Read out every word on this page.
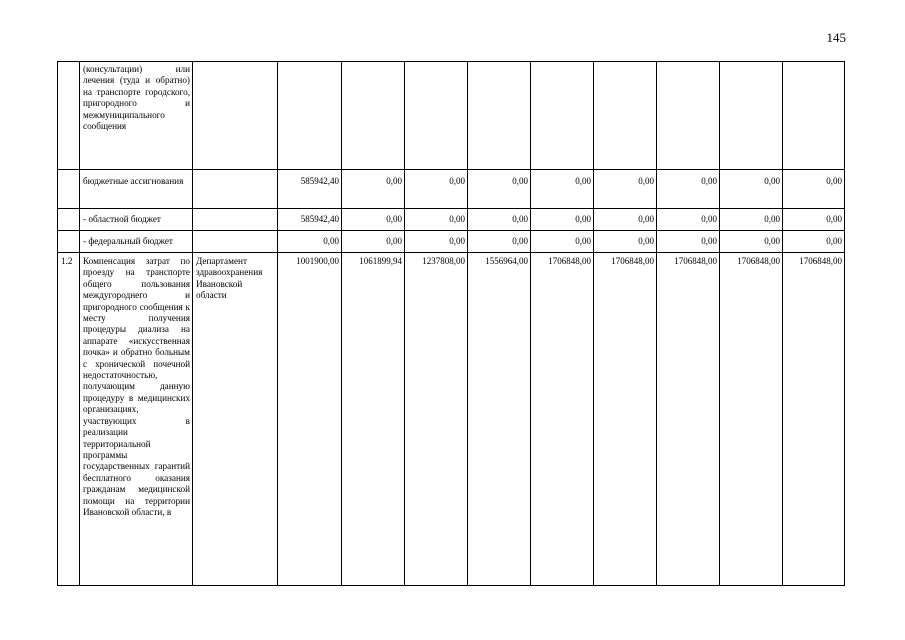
145
	(консультации) или лечения (туда и обратно) на транспорте городского, пригородного и межмуниципального сообщения										
	бюджетные ассигнования		585942,40	0,00	0,00	0,00	0,00	0,00	0,00	0,00	0,00
	- областной бюджет		585942,40	0,00	0,00	0,00	0,00	0,00	0,00	0,00	0,00
	- федеральный бюджет		0,00	0,00	0,00	0,00	0,00	0,00	0,00	0,00	0,00
1.2	Компенсация затрат по проезду на транспорте общего пользования междугороднего и пригородного сообщения к месту получения процедуры диализа на аппарате «искусственная почка» и обратно больным с хронической почечной недостаточностью, получающим данную процедуру в медицинских организациях, участвующих в реализации территориальной программы государственных гарантий бесплатного оказания гражданам медицинской помощи на территории Ивановской области, в	Департамент здравоохранения Ивановской области	1001900,00	1061899,94	1237808,00	1556964,00	1706848,00	1706848,00	1706848,00	1706848,00	1706848,00
